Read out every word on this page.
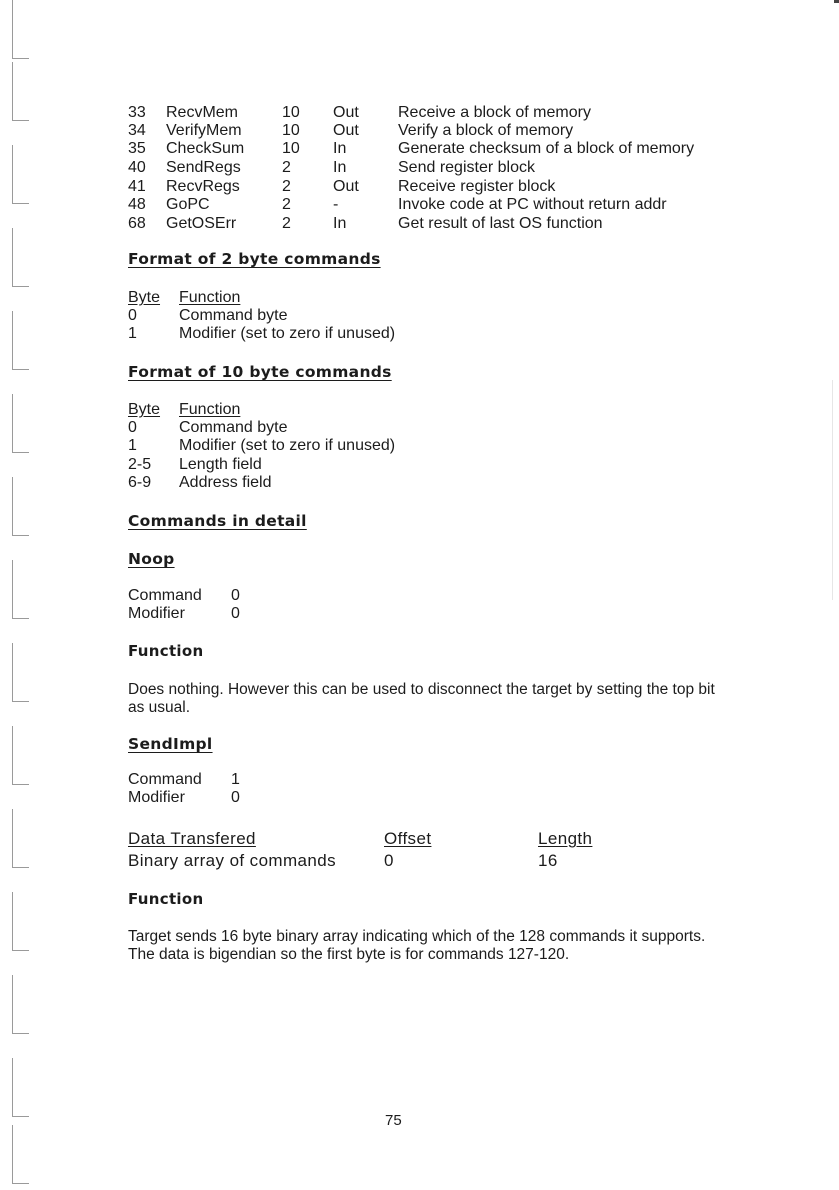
33 RecvMem	10 Out Receive a block of memory
34 VerifyMem	10 Out Verify a block of memory
35 CheckSum 10 In	Generate checksum of a block of memory
40 SendRegs	2	In	Send register block
41 RecvRegs	2	Out Receive register block
48 GoPC	2	-	Invoke code at PC without return addr
68 GetOSErr	2	In	Get result of last OS function
Format of 2 byte commands
Byte Function
0	Command byte
1	Modifier (set to zero if unused)
Format of 10 byte commands
Byte Function
0	Command byte
1	Modifier (set to zero if unused)
2-5 Length field
6-9 Address field
Commands in detail
Noop
Command 0
Modifier	0
Function
Does nothing. However this can be used to disconnect the target by setting the top bit as usual.
SendImpl
Command 1
Modifier	0
Data Transfered	Offset	Length
Binary array of commands	0	16
Function
Target sends 16 byte binary array indicating which of the 128 commands it supports. The data is bigendian so the first byte is for commands 127-120.
75
